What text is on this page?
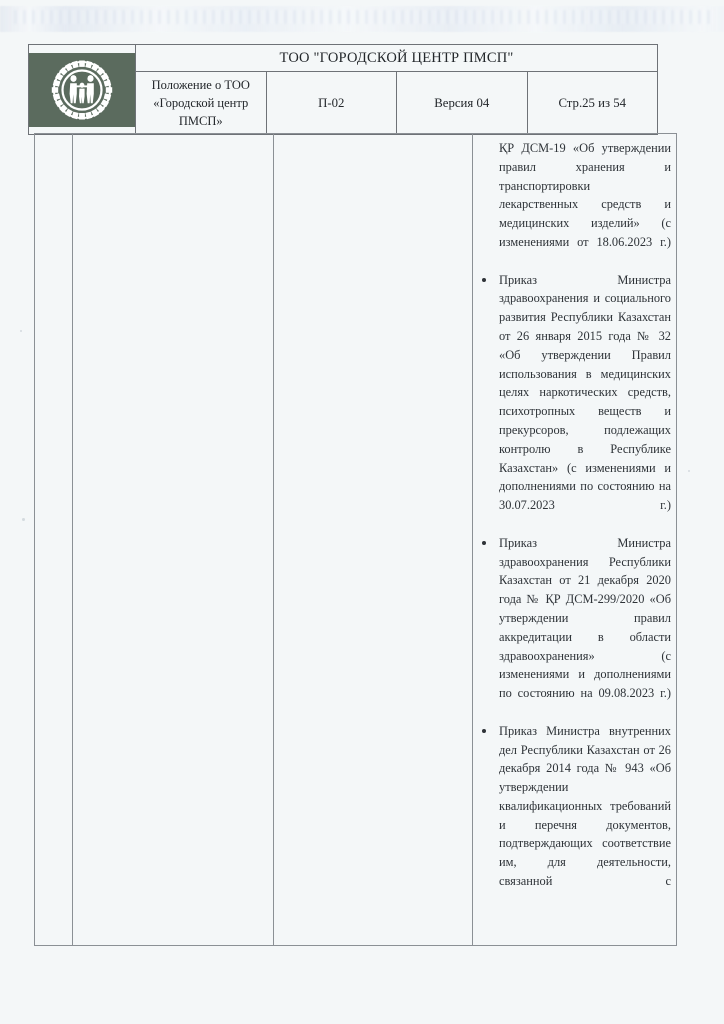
	ТОО "ГОРОДСКОЙ ЦЕНТР ПМСП"			
	Положение о ТОО «Городской центр ПМСП»	П-02	Версия 04	Стр.25 из 54

ҚР ДСМ-19 «Об утверждении правил хранения и транспортировки лекарственных средств и медицинских изделий» (с изменениями от 18.06.2023 г.)
Приказ Министра здравоохранения и социального развития Республики Казахстан от 26 января 2015 года № 32 «Об утверждении Правил использования в медицинских целях наркотических средств, психотропных веществ и прекурсоров, подлежащих контролю в Республике Казахстан» (с изменениями и дополнениями по состоянию на 30.07.2023 г.)
Приказ Министра здравоохранения Республики Казахстан от 21 декабря 2020 года № ҚР ДСМ-299/2020 «Об утверждении правил аккредитации в области здравоохранения» (с изменениями и дополнениями по состоянию на 09.08.2023 г.)
Приказ Министра внутренних дел Республики Казахстан от 26 декабря 2014 года № 943 «Об утверждении квалификационных требований и перечня документов, подтверждающих соответствие им, для деятельности, связанной с
